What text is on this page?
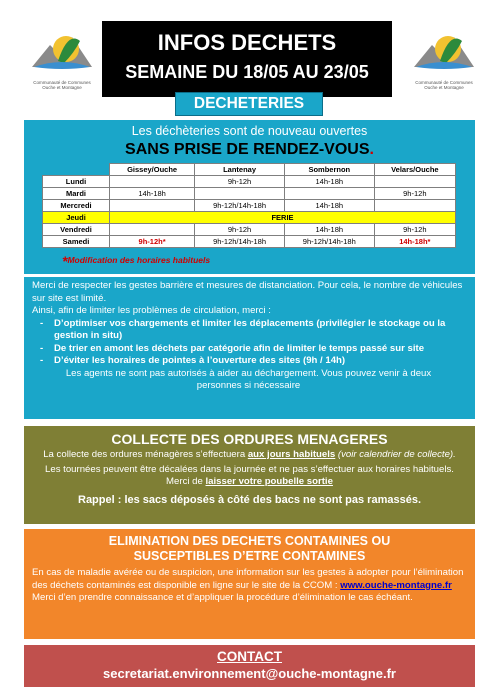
Communauté de Communes
Ouche et Montagne
Communauté de Communes
Ouche et Montagne
INFOS DECHETS
SEMAINE DU 18/05 AU 23/05
DECHETERIES
Les déchèteries sont de nouveau ouvertes
SANS PRISE DE RENDEZ-VOUS.
	Gissey/Ouche	Lantenay	Sombernon	Velars/Ouche
Lundi		9h-12h	14h-18h	
Mardi	14h-18h			9h-12h
Mercredi		9h-12h/14h-18h	14h-18h	
Jeudi	FERIE			
Vendredi		9h-12h	14h-18h	9h-12h
Samedi	9h-12h*	9h-12h/14h-18h	9h-12h/14h-18h	14h-18h*
*Modification des horaires habituels
Merci de respecter les gestes barrière et mesures de distanciation. Pour cela, le nombre de véhicules sur site est limité.
Ainsi, afin de limiter les problèmes de circulation, merci :
- D’optimiser vos chargements et limiter les déplacements (privilégier le stockage ou la gestion in situ)
- De trier en amont les déchets par catégorie afin de limiter le temps passé sur site
- D’éviter les horaires de pointes à l’ouverture des sites (9h / 14h)
Les agents ne sont pas autorisés à aider au déchargement. Vous pouvez venir à deux personnes si nécessaire
COLLECTE DES ORDURES MENAGERES
La collecte des ordures ménagères s’effectuera aux jours habituels (voir calendrier de collecte).
Les tournées peuvent être décalées dans la journée et ne pas s’effectuer aux horaires habituels. Merci de laisser votre poubelle sortie
Rappel : les sacs déposés à côté des bacs ne sont pas ramassés.
ELIMINATION DES DECHETS CONTAMINES OU
SUSCEPTIBLES D’ETRE CONTAMINES
En cas de maladie avérée ou de suspicion, une information sur les gestes à adopter pour l’élimination des déchets contaminés est disponible en ligne sur le site de la CCOM : www.ouche-montagne.fr
Merci d’en prendre connaissance et d’appliquer la procédure d’élimination le cas échéant.
CONTACT
secretariat.environnement@ouche-montagne.fr
